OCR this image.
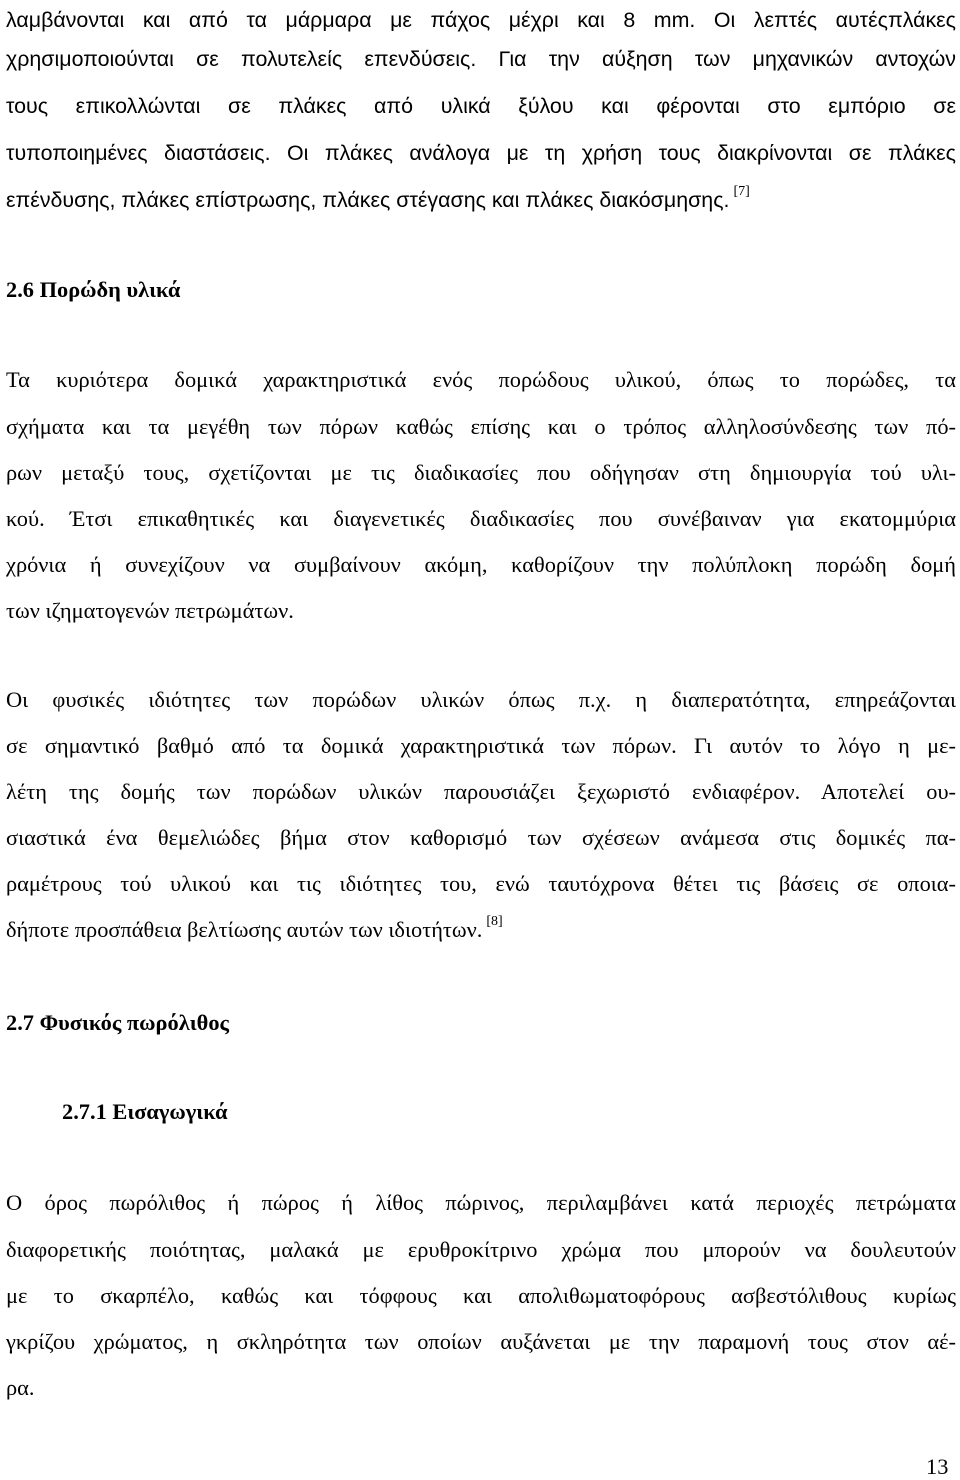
λαμβάνονται και από τα μάρμαρα με πάχος μέχρι και 8 mm. Οι λεπτές αυτέςπλάκες
χρησιμοποιούνται σε πολυτελείς επενδύσεις. Για την αύξηση των μηχανικών αντοχών
τους επικολλώνται σε πλάκες από υλικά ξύλου και φέρονται στο εμπόριο σε
τυποποιημένες διαστάσεις. Οι πλάκες ανάλογα με τη χρήση τους διακρίνονται σε πλάκες
επένδυσης, πλάκες επίστρωσης, πλάκες στέγασης και πλάκες διακόσμησης. [7]
2.6 Πορώδη υλικά
Τα κυριότερα δομικά χαρακτηριστικά ενός πορώδους υλικού, όπως το πορώδες, τα
σχήματα και τα μεγέθη των πόρων καθώς επίσης και ο τρόπος αλληλοσύνδεσης των πό-
ρων μεταξύ τους, σχετίζονται με τις διαδικασίες που οδήγησαν στη δημιουργία τού υλι-
κού. Έτσι επικαθητικές και διαγενετικές διαδικασίες που συνέβαιναν για εκατομμύρια
χρόνια ή συνεχίζουν να συμβαίνουν ακόμη, καθορίζουν την πολύπλοκη πορώδη δομή
των ιζηματογενών πετρωμάτων.
Οι φυσικές ιδιότητες των πορώδων υλικών όπως π.χ. η διαπερατότητα, επηρεάζονται
σε σημαντικό βαθμό από τα δομικά χαρακτηριστικά των πόρων. Γι αυτόν το λόγο η με-
λέτη της δομής των πορώδων υλικών παρουσιάζει ξεχωριστό ενδιαφέρον. Αποτελεί ου-
σιαστικά ένα θεμελιώδες βήμα στον καθορισμό των σχέσεων ανάμεσα στις δομικές πα-
ραμέτρους τού υλικού και τις ιδιότητες του, ενώ ταυτόχρονα θέτει τις βάσεις σε οποια-
δήποτε προσπάθεια βελτίωσης αυτών των ιδιοτήτων. [8]
2.7 Φυσικός πωρόλιθος
2.7.1 Εισαγωγικά
Ο όρος πωρόλιθος ή πώρος ή λίθος πώρινος, περιλαμβάνει κατά περιοχές πετρώματα
διαφορετικής ποιότητας, μαλακά με ερυθροκίτρινο χρώμα που μπορούν να δουλευτούν
με το σκαρπέλο, καθώς και τόφφους και απολιθωματοφόρους ασβεστόλιθους κυρίως
γκρίζου χρώματος, η σκληρότητα των οποίων αυξάνεται με την παραμονή τους στον αέ-
ρα.
13
